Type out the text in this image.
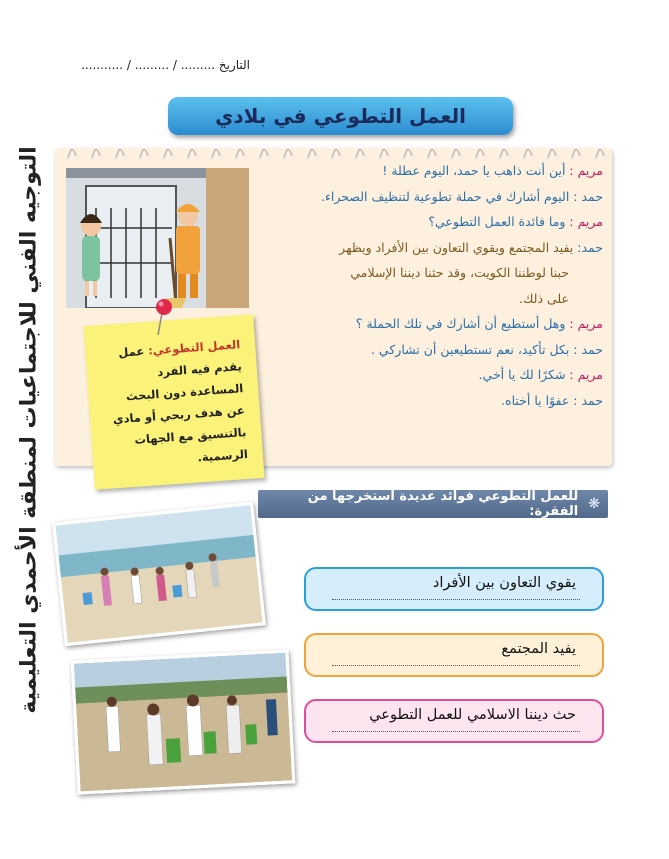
التاريخ ......... / ......... / ...........
العمل التطوعي في بلادي
التوجيه الفني للاجتماعيات لمنطقة الأحمدي التعليمية	مريم : أين أنت ذاهب يا حمد، اليوم عطلة !
حمد : اليوم أشارك في حملة تطوعية لتنظيف الصحراء.
مريم : وما فائدة العمل التطوعي؟
حمد: يفيد المجتمع ويقوي التعاون بين الأفراد ويظهر
حبنا لوطننا الكويت، وقد حثنا ديننا الإسلامي
على ذلك.
مريم : وهل أستطيع أن أشارك في تلك الحملة ؟
حمد : بكل تأكيد، نعم تستطيعين أن تشاركي .
مريم : شكرًا لك يا أخي.
حمد : عفوًا يا أختاه.
العمل التطوعي: عمل يقدم فيه الفرد المساعدة دون البحث عن هدف ربحي أو مادي بالتنسيق مع الجهات الرسمية.
❋
للعمل التطوعي فوائد عديدة استخرجها من الفقرة:
يقوي التعاون بين الأفراد
يفيد المجتمع
حث ديننا الاسلامي للعمل التطوعي
